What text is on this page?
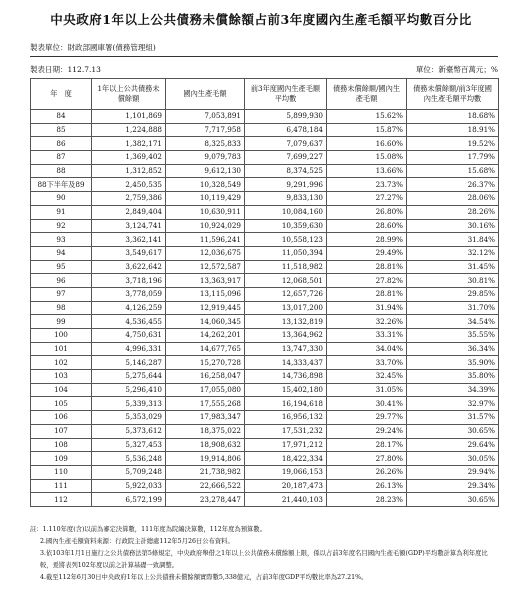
中央政府1年以上公共債務未償餘額占前3年度國內生產毛額平均數百分比
製表單位：財政部國庫署(債務管理組)
製表日期：112.7.13	單位：新臺幣百萬元；%
年　度	1年以上公共債務未償餘額	國內生產毛額	前3年度國內生產毛額平均數	債務未償餘額/國內生產毛額	債務未償餘額/前3年度國內生產毛額平均數
84	1,101,869	7,053,891	5,899,930	15.62%	18.68%
85	1,224,888	7,717,958	6,478,184	15.87%	18.91%
86	1,382,171	8,325,833	7,079,637	16.60%	19.52%
87	1,369,402	9,079,783	7,699,227	15.08%	17.79%
88	1,312,852	9,612,130	8,374,525	13.66%	15.68%
88下半年及89	2,450,535	10,328,549	9,291,996	23.73%	26.37%
90	2,759,386	10,119,429	9,833,130	27.27%	28.06%
91	2,849,404	10,630,911	10,084,160	26.80%	28.26%
92	3,124,741	10,924,029	10,359,630	28.60%	30.16%
93	3,362,141	11,596,241	10,558,123	28.99%	31.84%
94	3,549,617	12,036,675	11,050,394	29.49%	32.12%
95	3,622,642	12,572,587	11,518,982	28.81%	31.45%
96	3,718,196	13,363,917	12,068,501	27.82%	30.81%
97	3,778,059	13,115,096	12,657,726	28.81%	29.85%
98	4,126,259	12,919,445	13,017,200	31.94%	31.70%
99	4,536,455	14,060,345	13,132,819	32.26%	34.54%
100	4,750,631	14,262,201	13,364,962	33.31%	35.55%
101	4,996,331	14,677,765	13,747,330	34.04%	36.34%
102	5,146,287	15,270,728	14,333,437	33.70%	35.90%
103	5,275,644	16,258,047	14,736,898	32.45%	35.80%
104	5,296,410	17,055,080	15,402,180	31.05%	34.39%
105	5,339,313	17,555,268	16,194,618	30.41%	32.97%
106	5,353,029	17,983,347	16,956,132	29.77%	31.57%
107	5,373,612	18,375,022	17,531,232	29.24%	30.65%
108	5,327,453	18,908,632	17,971,212	28.17%	29.64%
109	5,536,248	19,914,806	18,422,334	27.80%	30.05%
110	5,709,248	21,738,982	19,066,153	26.26%	29.94%
111	5,922,033	22,666,522	20,187,473	26.13%	29.34%
112	6,572,199	23,278,447	21,440,103	28.23%	30.65%
註：1.110年度(含)以前為審定決算數，111年度為院編決算數，112年度為預算數。
2.國內生產毛額資料來源：行政院主計總處112年5月26日公布資料。
3.依103年1月1日施行之公共債務法第5條規定，中央政府舉借之1年以上公共債務未償餘額上限，係以占前3年度名目國內生產毛額(GDP)平均數計算為利年度比較，爰將表列102年度以前之計算基礎一致調整。
4.截至112年6月30日中央政府1年以上公共債務未償餘額實際數5,338億元，占前3年度GDP平均數比率為27.21%。
